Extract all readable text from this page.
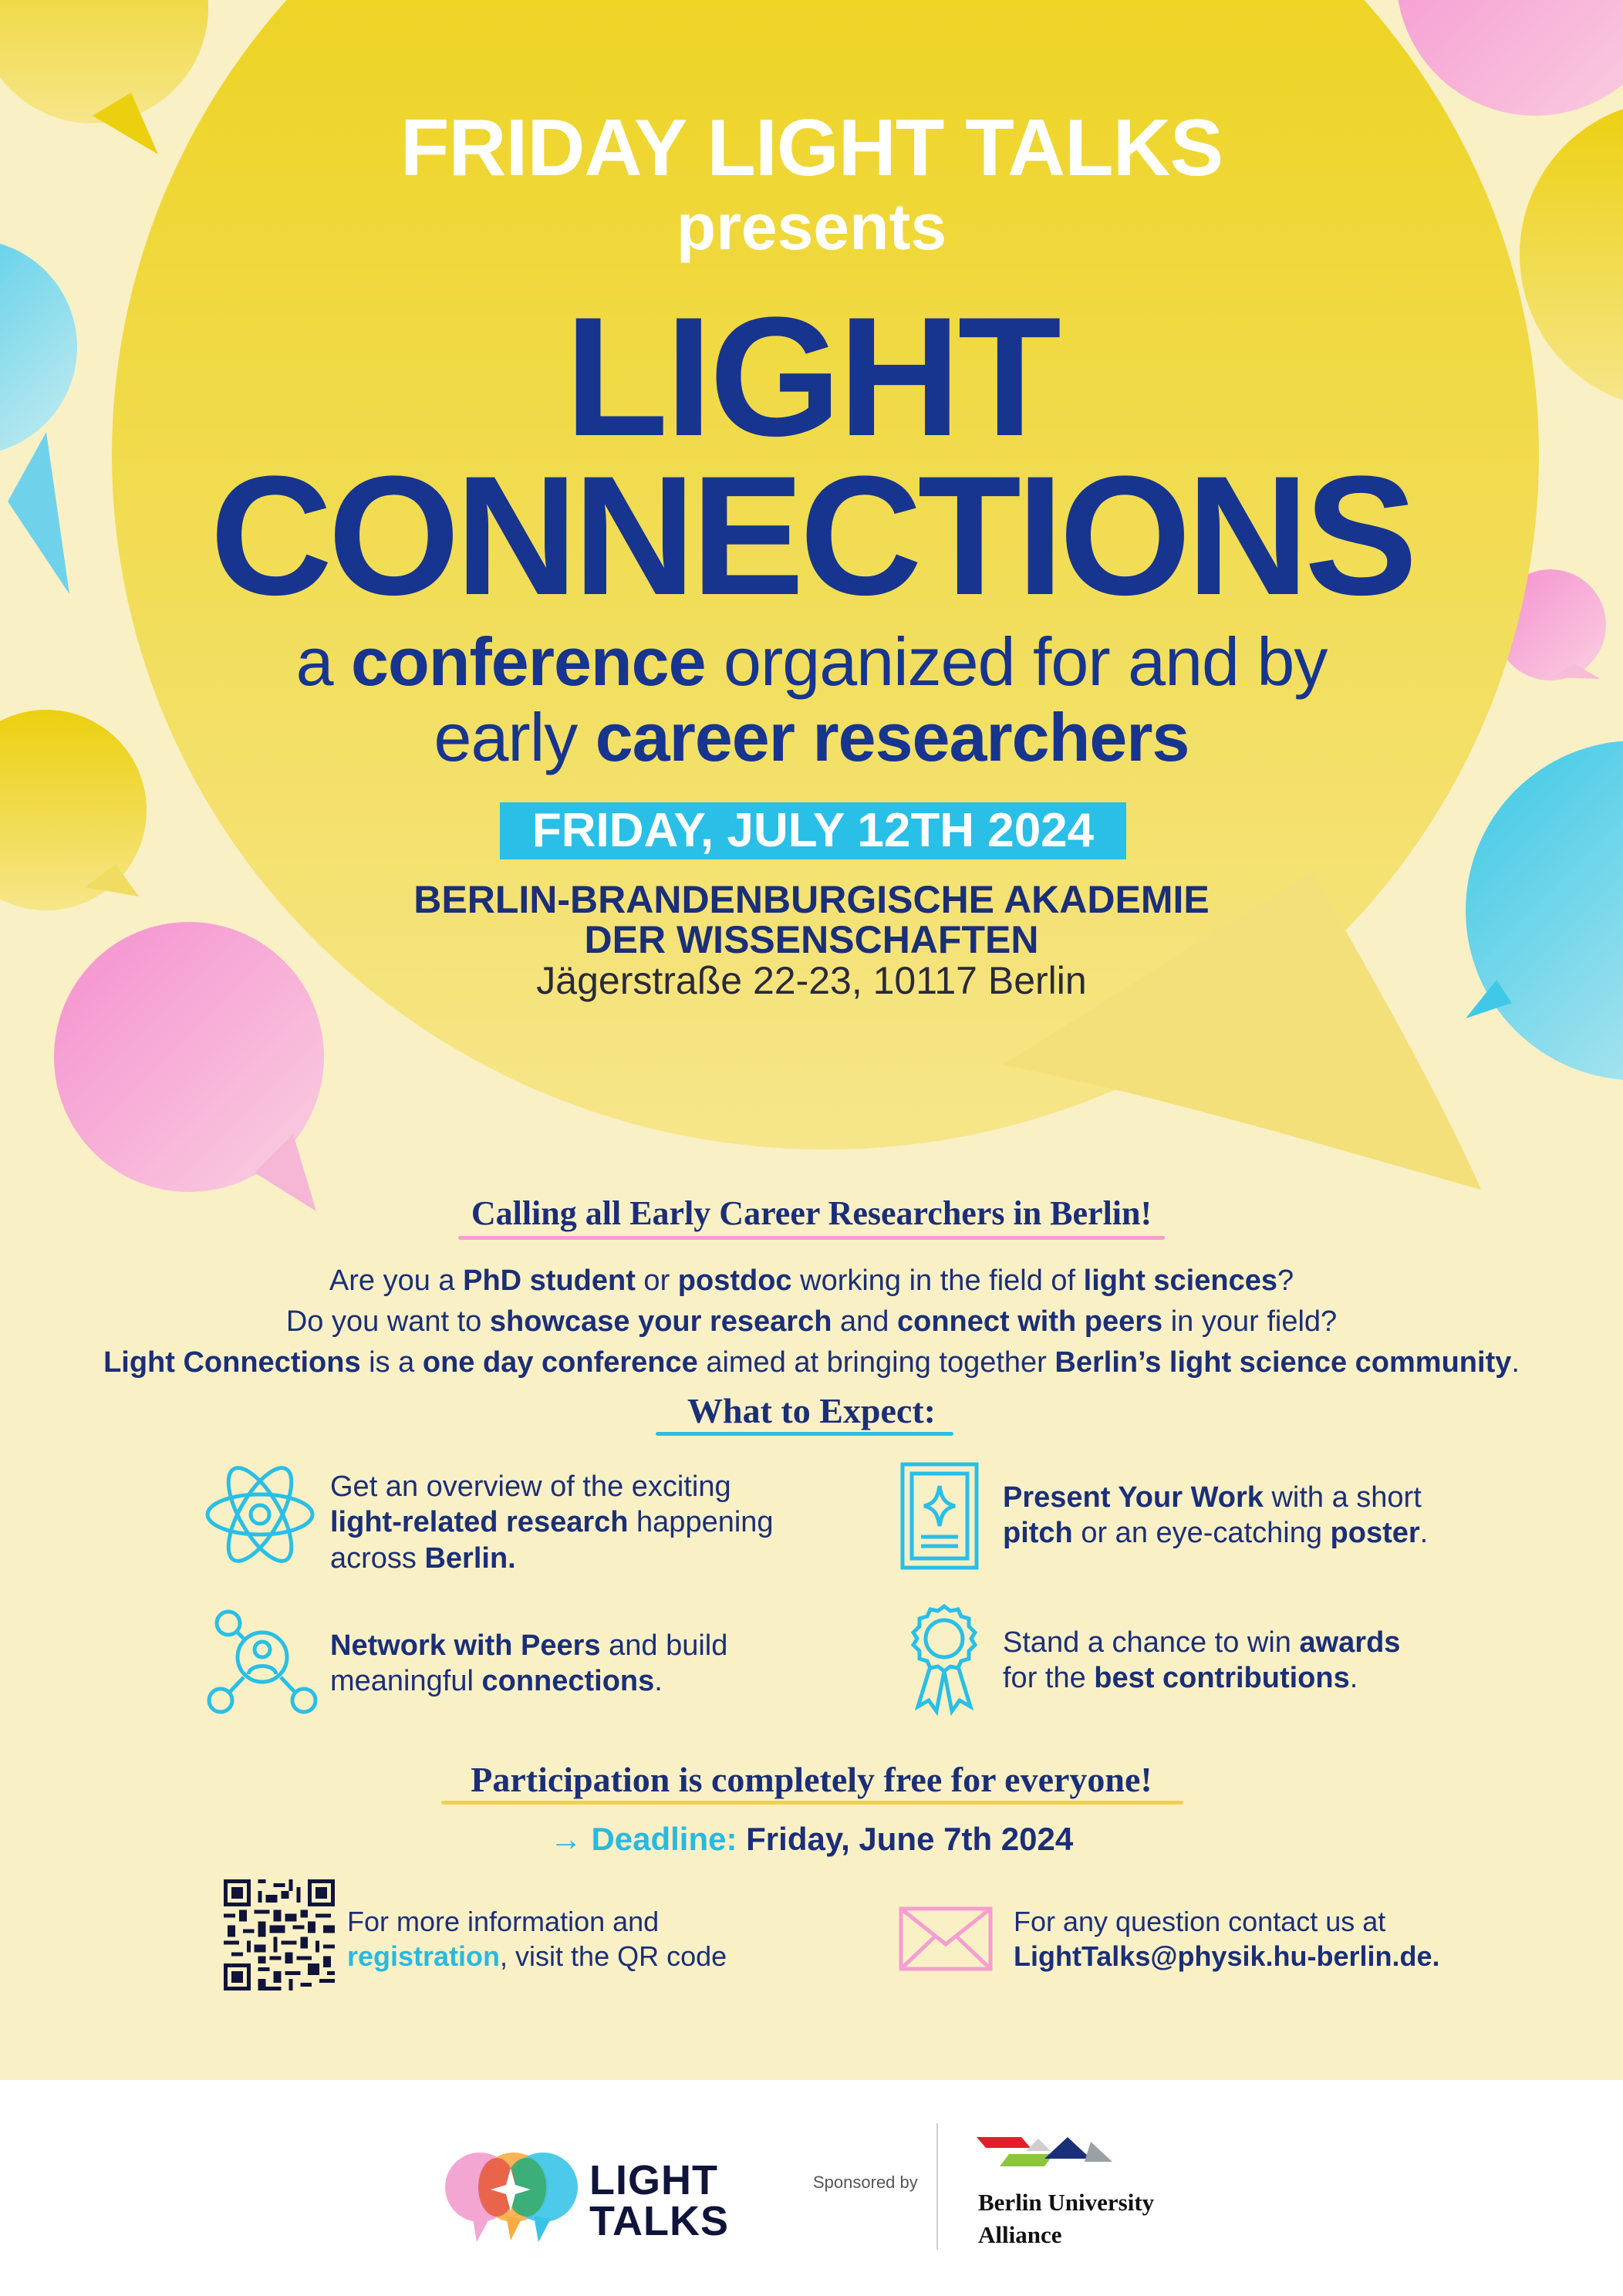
FRIDAY LIGHT TALKS
presents
LIGHT
CONNECTIONS
a conference organized for and by
early career researchers
FRIDAY, JULY 12TH 2024
BERLIN-BRANDENBURGISCHE AKADEMIE
DER WISSENSCHAFTEN
Jägerstraße 22-23, 10117 Berlin
Calling all Early Career Researchers in Berlin!
Are you a PhD student or postdoc working in the field of light sciences?
Do you want to showcase your research and connect with peers in your field?
Light Connections is a one day conference aimed at bringing together Berlin’s light science community.
What to Expect:
Get an overview of the exciting
light-related research happening
across Berlin.
Present Your Work with a short
pitch or an eye-catching poster.
Network with Peers and build
meaningful connections.
Stand a chance to win awards
for the best contributions.
Participation is completely free for everyone!
→ Deadline: Friday, June 7th 2024
For more information and
registration, visit the QR code
For any question contact us at
LightTalks@physik.hu-berlin.de.
LIGHT
TALKS
Sponsored by
Berlin University
Alliance
